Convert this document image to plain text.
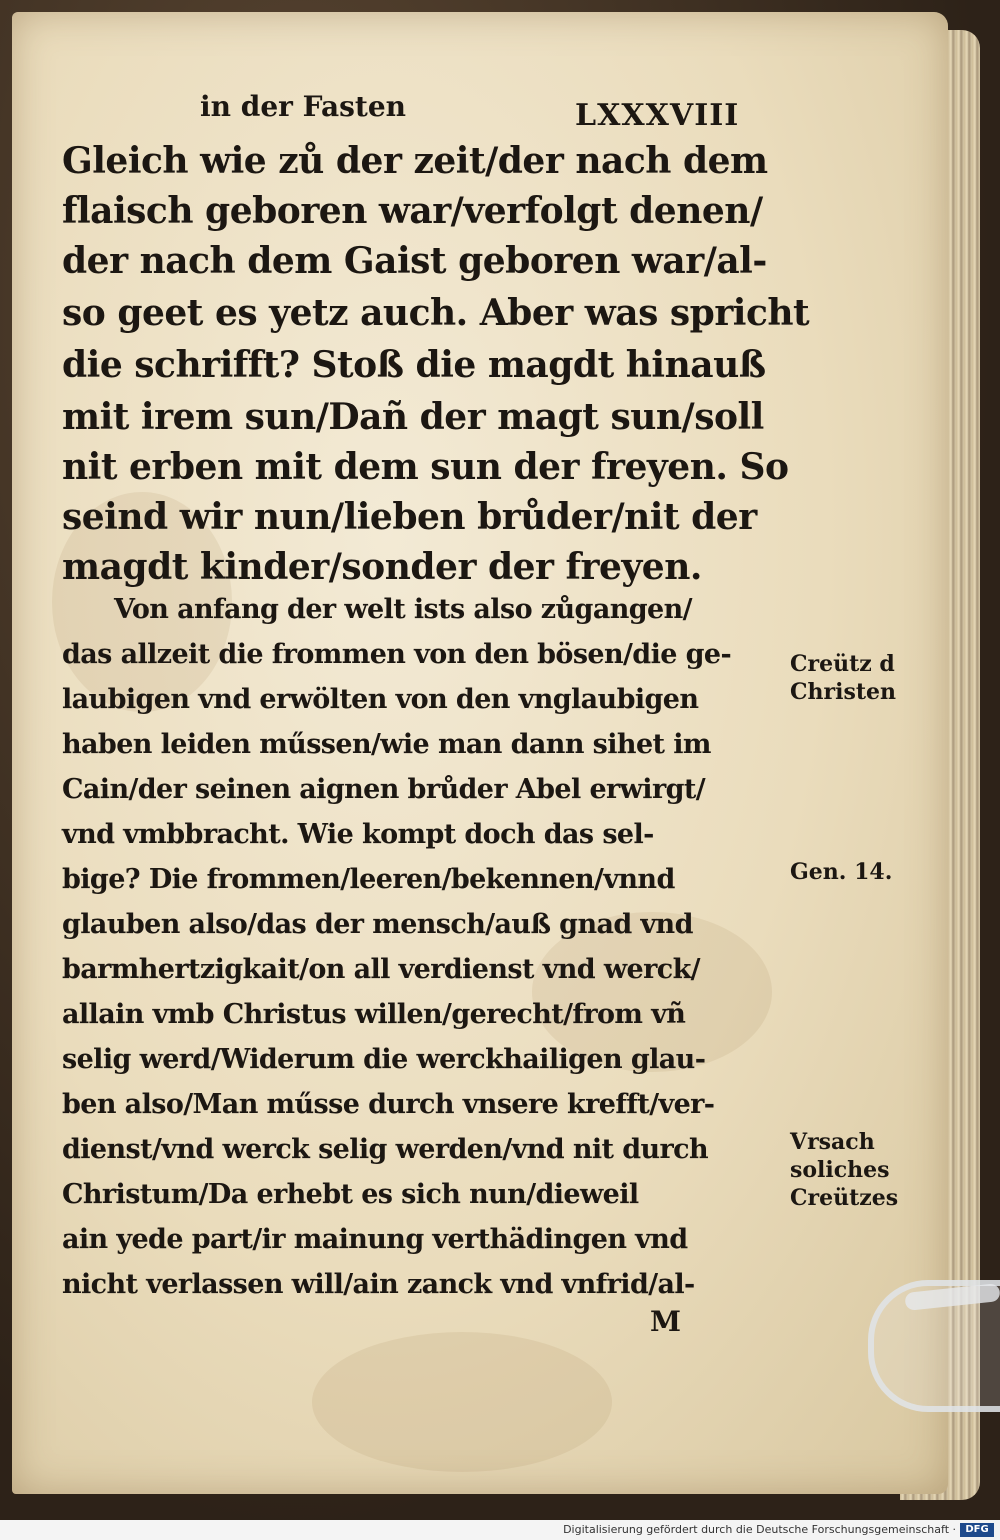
in der Fasten	LXXXVIII
Gleich wie zů der zeit/der nach dem
flaisch geboren war/verfolgt denen/
der nach dem Gaist geboren war/al-
so geet es yetz auch. Aber was spricht
die schrifft? Stoß die magdt hinauß
mit irem sun/Dañ der magt sun/soll
nit erben mit dem sun der freyen. So
seind wir nun/lieben brůder/nit der
magdt kinder/sonder der freyen.
Von anfang der welt ists also zůgangen/
das allzeit die frommen von den bösen/die ge-
laubigen vnd erwölten von den vnglaubigen
haben leiden műssen/wie man dann sihet im
Cain/der seinen aignen brůder Abel erwirgt/
vnd vmbbracht. Wie kompt doch das sel-
bige? Die frommen/leeren/bekennen/vnnd
glauben also/das der mensch/auß gnad vnd
barmhertzigkait/on all verdienst vnd werck/
allain vmb Christus willen/gerecht/from vñ
selig werd/Widerum die werckhailigen glau-
ben also/Man műsse durch vnsere krefft/ver-
dienst/vnd werck selig werden/vnd nit durch
Christum/Da erhebt es sich nun/dieweil
ain yede part/ir mainung verthädingen vnd
nicht verlassen will/ain zanck vnd vnfrid/al-
M
Creütz d
Christen
Gen. 14.
Vrsach
soliches
Creützes
Digitalisierung gefördert durch die Deutsche Forschungsgemeinschaft · DFG
